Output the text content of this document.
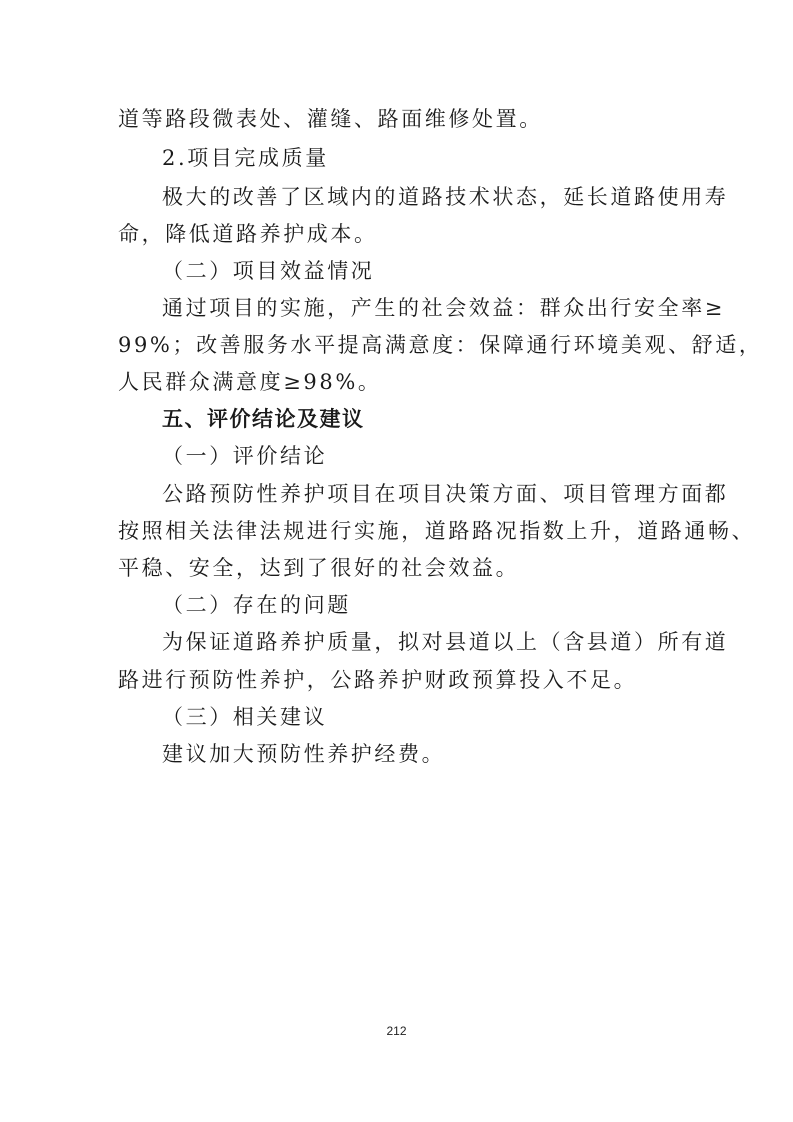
道等路段微表处、灌缝、路面维修处置。
2.项目完成质量
极大的改善了区域内的道路技术状态，延长道路使用寿
命，降低道路养护成本。
（二）项目效益情况
通过项目的实施，产生的社会效益：群众出行安全率≥
99%；改善服务水平提高满意度：保障通行环境美观、舒适，
人民群众满意度≥98%。
五、评价结论及建议
（一）评价结论
公路预防性养护项目在项目决策方面、项目管理方面都
按照相关法律法规进行实施，道路路况指数上升，道路通畅、
平稳、安全，达到了很好的社会效益。
（二）存在的问题
为保证道路养护质量，拟对县道以上（含县道）所有道
路进行预防性养护，公路养护财政预算投入不足。
（三）相关建议
建议加大预防性养护经费。
212
